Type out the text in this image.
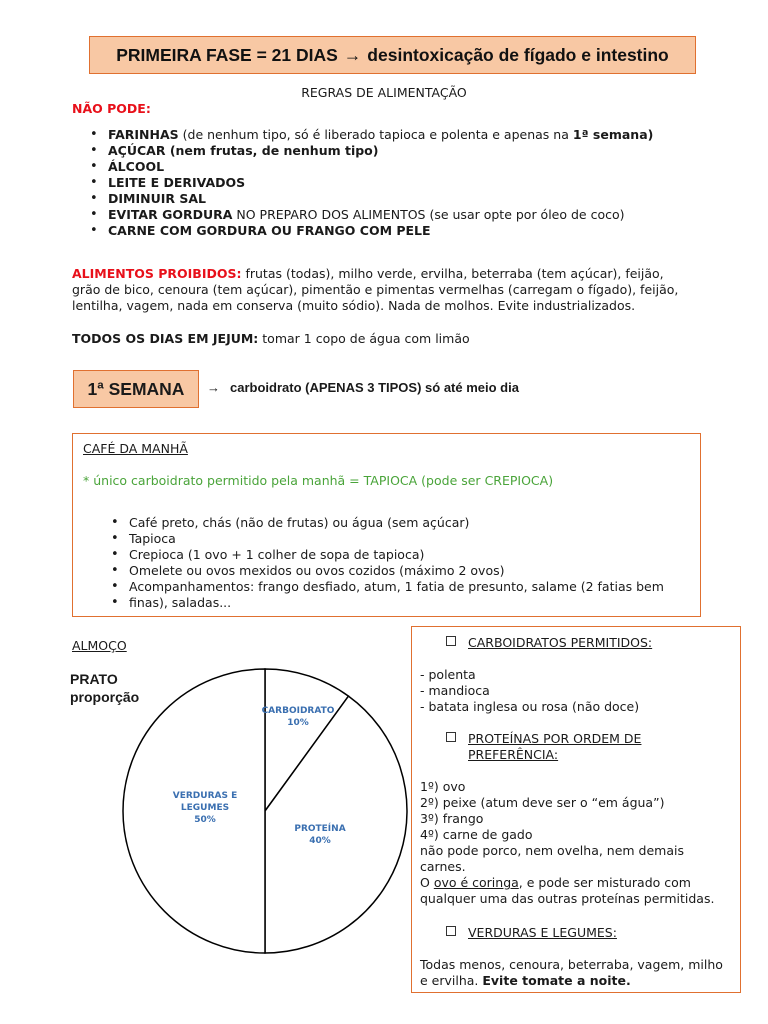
PRIMEIRA FASE = 21 DIAS → desintoxicação de fígado e intestino
REGRAS DE ALIMENTAÇÃO
NÃO PODE:
• FARINHAS (de nenhum tipo, só é liberado tapioca e polenta e apenas na 1ª semana)
• AÇÚCAR (nem frutas, de nenhum tipo)
• ÁLCOOL
• LEITE E DERIVADOS
• DIMINUIR SAL
• EVITAR GORDURA NO PREPARO DOS ALIMENTOS (se usar opte por óleo de coco)
• CARNE COM GORDURA OU FRANGO COM PELE
ALIMENTOS PROIBIDOS: frutas (todas), milho verde, ervilha, beterraba (tem açúcar), feijão,
grão de bico, cenoura (tem açúcar), pimentão e pimentas vermelhas (carregam o fígado), feijão,
lentilha, vagem, nada em conserva (muito sódio). Nada de molhos. Evite industrializados.
TODOS OS DIAS EM JEJUM: tomar 1 copo de água com limão
1ª SEMANA	→ carboidrato (APENAS 3 TIPOS) só até meio dia
CAFÉ DA MANHÃ
* único carboidrato permitido pela manhã = TAPIOCA (pode ser CREPIOCA)
• Café preto, chás (não de frutas) ou água (sem açúcar)
• Tapioca
• Crepioca (1 ovo + 1 colher de sopa de tapioca)
• Omelete ou ovos mexidos ou ovos cozidos (máximo 2 ovos)
• Acompanhamentos: frango desfiado, atum, 1 fatia de presunto, salame (2 fatias bem
• finas), saladas...
ALMOÇO
PRATO
proporção
CARBOIDRATO
10%
PROTEÍNA
40%
VERDURAS E
LEGUMES
50%
CARBOIDRATOS PERMITIDOS:
- polenta
- mandioca
- batata inglesa ou rosa (não doce)
PROTEÍNAS POR ORDEM DE
PREFERÊNCIA:
1º) ovo
2º) peixe (atum deve ser o “em água”)
3º) frango
4º) carne de gado
não pode porco, nem ovelha, nem demais
carnes.
O ovo é coringa, e pode ser misturado com
qualquer uma das outras proteínas permitidas.
VERDURAS E LEGUMES:
Todas menos, cenoura, beterraba, vagem, milho
e ervilha. Evite tomate a noite.
